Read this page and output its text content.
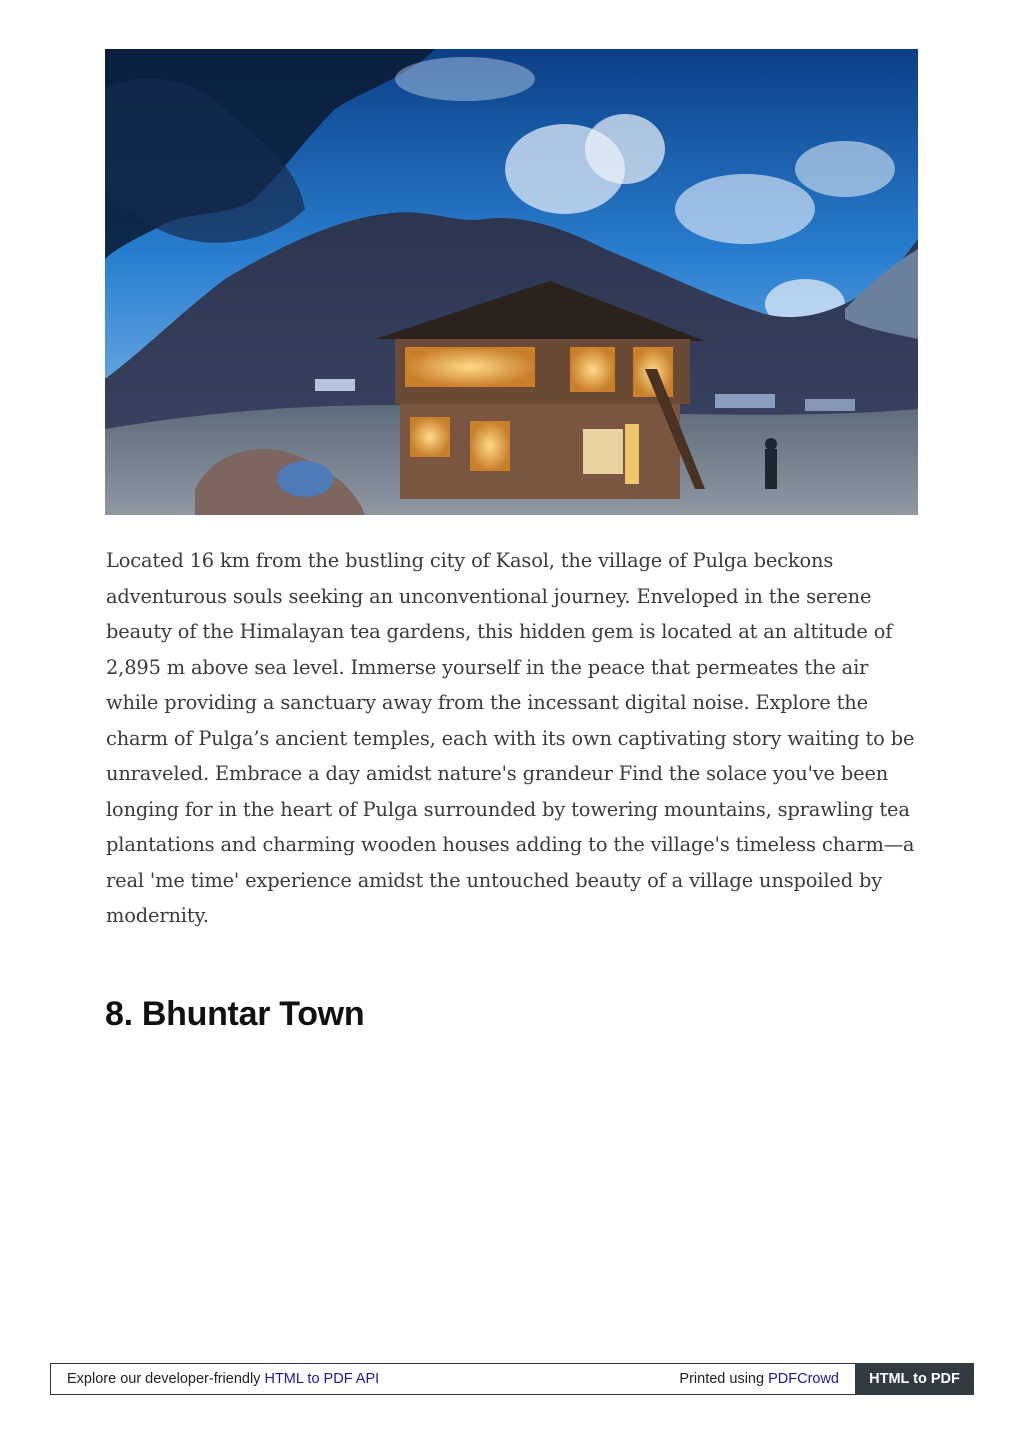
Located 16 km from the bustling city of Kasol, the village of Pulga beckons adventurous souls seeking an unconventional journey. Enveloped in the serene beauty of the Himalayan tea gardens, this hidden gem is located at an altitude of 2,895 m above sea level. Immerse yourself in the peace that permeates the air while providing a sanctuary away from the incessant digital noise. Explore the charm of Pulga’s ancient temples, each with its own captivating story waiting to be unraveled. Embrace a day amidst nature's grandeur Find the solace you've been longing for in the heart of Pulga surrounded by towering mountains, sprawling tea plantations and charming wooden houses adding to the village's timeless charm—a real 'me time' experience amidst the untouched beauty of a village unspoiled by modernity.

8. Bhuntar Town
Explore our developer-friendly HTML to PDF API	Printed using PDFCrowd	HTML to PDF
